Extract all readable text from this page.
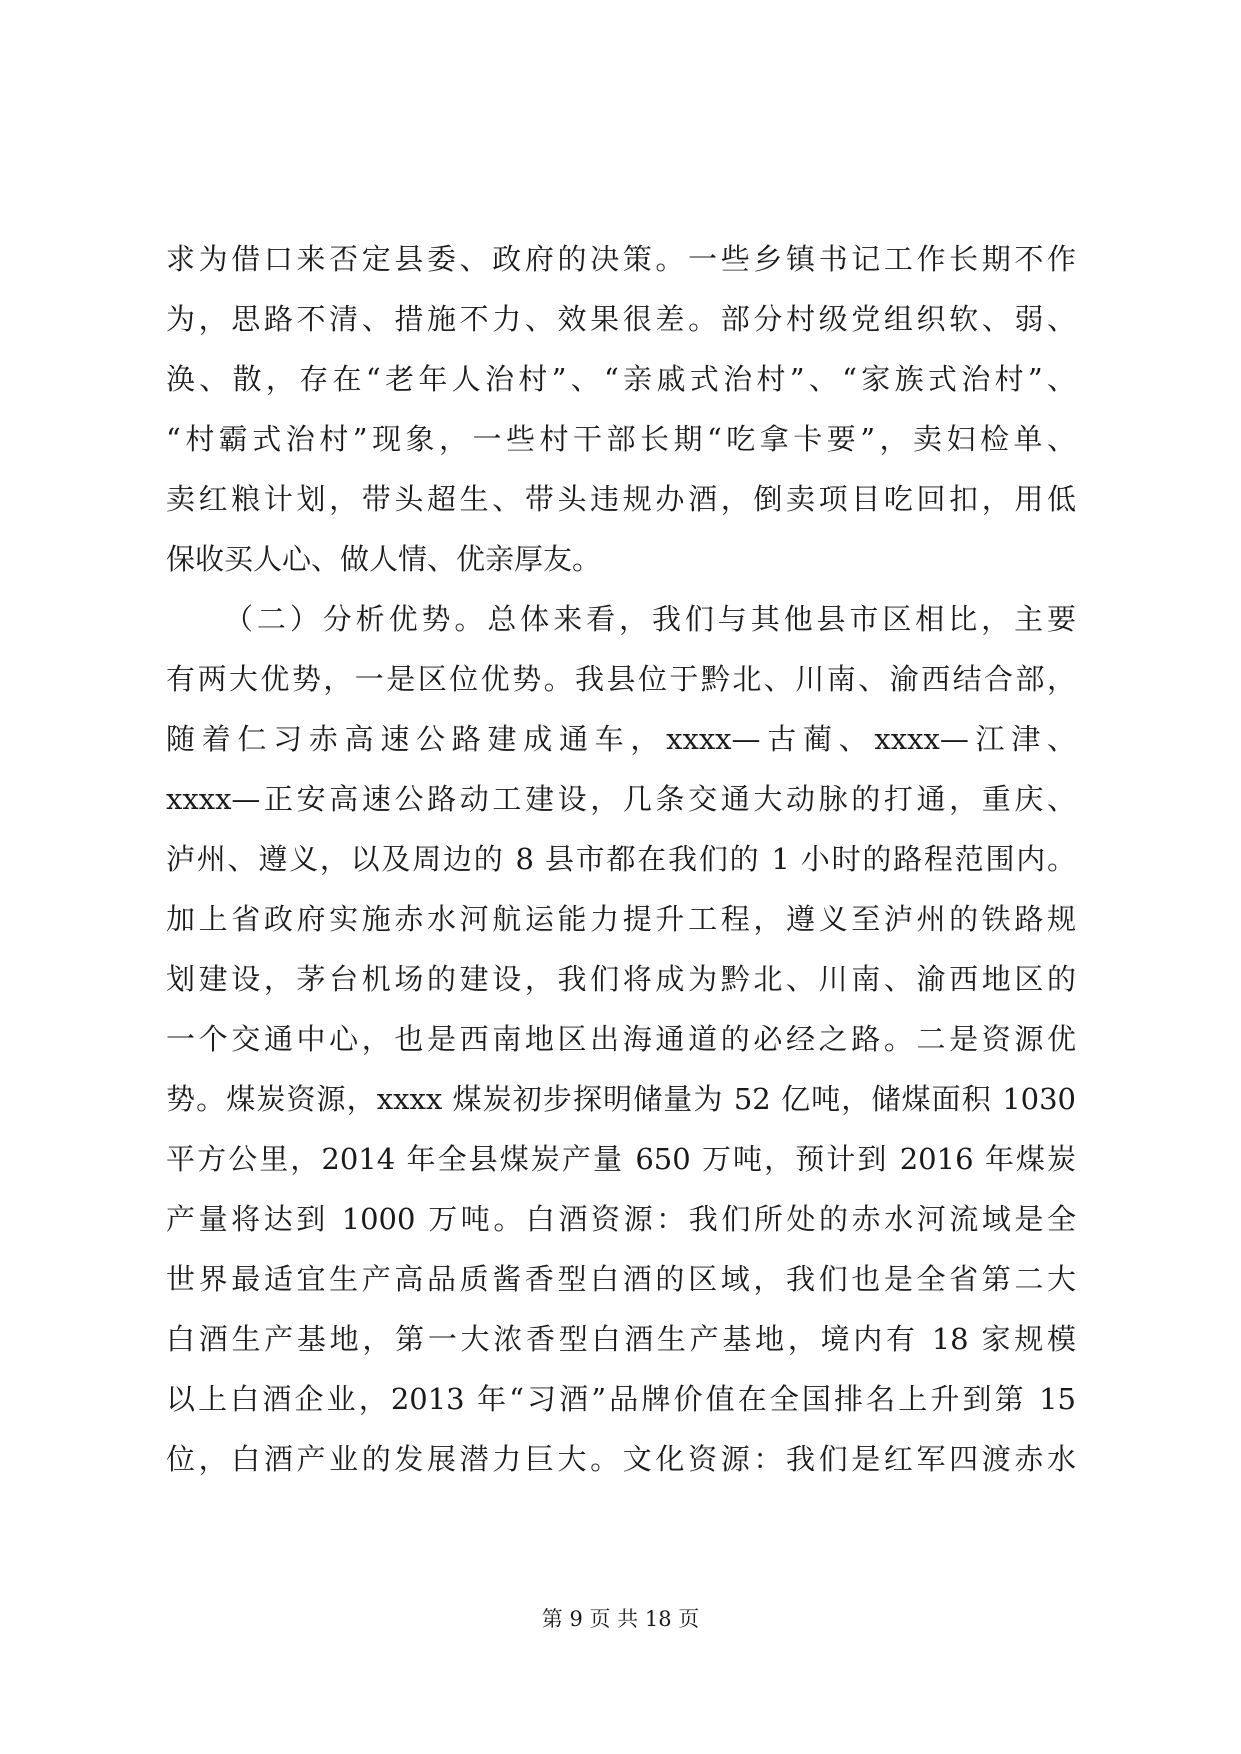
求为借口来否定县委、政府的决策。一些乡镇书记工作长期不作
为，思路不清、措施不力、效果很差。部分村级党组织软、弱、
涣、散，存在“老年人治村”、“亲戚式治村”、“家族式治村”、
“村霸式治村”现象，一些村干部长期“吃拿卡要”，卖妇检单、
卖红粮计划，带头超生、带头违规办酒，倒卖项目吃回扣，用低
保收买人心、做人情、优亲厚友。
（二）分析优势。总体来看，我们与其他县市区相比，主要
有两大优势，一是区位优势。我县位于黔北、川南、渝西结合部，
随着仁习赤高速公路建成通车，xxxx—古蔺、xxxx—江津、
xxxx—正安高速公路动工建设，几条交通大动脉的打通，重庆、
泸州、遵义，以及周边的 8 县市都在我们的 1 小时的路程范围内。
加上省政府实施赤水河航运能力提升工程，遵义至泸州的铁路规
划建设，茅台机场的建设，我们将成为黔北、川南、渝西地区的
一个交通中心，也是西南地区出海通道的必经之路。二是资源优
势。煤炭资源，xxxx 煤炭初步探明储量为 52 亿吨，储煤面积 1030
平方公里，2014 年全县煤炭产量 650 万吨，预计到 2016 年煤炭
产量将达到 1000 万吨。白酒资源：我们所处的赤水河流域是全
世界最适宜生产高品质酱香型白酒的区域，我们也是全省第二大
白酒生产基地，第一大浓香型白酒生产基地，境内有 18 家规模
以上白酒企业，2013 年“习酒”品牌价值在全国排名上升到第 15
位，白酒产业的发展潜力巨大。文化资源：我们是红军四渡赤水
第 9 页 共 18 页
